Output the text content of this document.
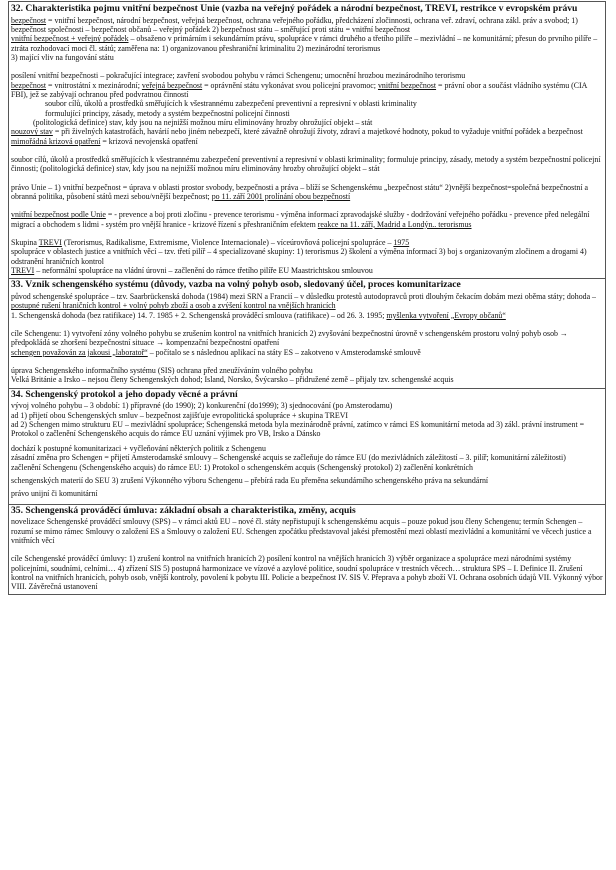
32. Charakteristika pojmu vnitřní bezpečnost Unie (vazba na veřejný pořádek a národní bezpečnost, TREVI, restrikce v evropském právu

bezpečnost = vnitřní bezpečnost, národní bezpečnost, veřejná bezpečnost, ochrana veřejného pořádku, předcházení zločinnosti, ochrana veř. zdraví, ochrana zákl. práv a svobod; 1) bezpečnost společnosti – bezpečnost občanů – veřejný pořádek 2) bezpečnost státu – směřující proti státu = vnitřní bezpečnost

vnitřní bezpečnost + veřejný pořádek – obsaženo v primárním i sekundárním právu, spolupráce v rámci druhého a třetího pilíře – mezivládní – ne komunitární; přesun do prvního pilíře – ztráta rozhodovací moci čl. států; zaměřena na: 1) organizovanou přeshraniční kriminalitu 2) mezinárodní terorismus

3) mající vliv na fungování státu

posílení vnitřní bezpečnosti – pokračující integrace; zavření svobodou pohybu v rámci Schengenu; umocnění hrozbou mezinárodního terorismu

bezpečnost = vnitrostátní x mezinárodní; veřejná bezpečnost = oprávnění státu vykonávat svou policejní pravomoc; vnitřní bezpečnost = právní obor a součást vládního systému (CIA FBI), jež se zabývají ochranou před podvratnou činností

soubor cílů, úkolů a prostředků směřujících k všestrannému zabezpečení preventivní a represivní v oblasti kriminality

formulující principy, zásady, metody a systém bezpečnostní policejní činnosti

(politologická definice) stav, kdy jsou na nejnižší možnou míru eliminovány hrozby ohrožující objekt – stát

nouzový stav = při živelných katastrofách, havárií nebo jiném nebezpečí, které závažně ohrožují životy, zdraví a majetkové hodnoty, pokud to vyžaduje vnitřní pořádek a bezpečnost

mimořádná krizová opatření = krizová nevojenská opatření

soubor cílů, úkolů a prostředků směřujících k všestrannému zabezpečení preventivní a represivní v oblasti kriminality; formuluje principy, zásady, metody a systém bezpečnostní policejní činnosti; (politologická definice) stav, kdy jsou na nejnižší možnou míru eliminovány hrozby ohrožující objekt – stát

právo Unie – 1) vnitřní bezpečnost = úprava v oblasti prostor svobody, bezpečnosti a práva – blíží se Schengenskému „bezpečnost státu“ 2)vnější bezpečnost=společná bezpečnostní a obranná politika, působení států mezi sebou/vnější bezpečnost; po 11. září 2001 prolínání obou bezpečností

vnitřní bezpečnost podle Unie = - prevence a boj proti zločinu - prevence terorismu - výměna informací zpravodajské služby - dodržování veřejného pořádku - prevence před nelegální migrací a obchodem s lidmi - systém pro vnější hranice - krizové řízení s přeshraničním efektem reakce na 11. září, Madrid a Londýn.. terorismus

Skupina TREVI (Terorismus, Radikalisme, Extremisme, Violence Internacionale) – víceúrovňová policejní spolupráce – 1975

spolupráce v oblastech justice a vnitřních věcí – tzv. třetí pilíř – 4 specializované skupiny: 1) terorismus 2) školení a výměna informací 3) boj s organizovaným zločinem a drogami 4) odstranění hraničních kontrol

TREVI – neformální spolupráce na vládní úrovni – začlenění do rámce třetího pilíře EU Maastrichtskou smlouvou

33. Vznik schengenského systému (důvody, vazba na volný pohyb osob, sledovaný účel, proces komunitarizace

původ schengenské spolupráce – tzv. Saarbrückenská dohoda (1984) mezi SRN a Francií – v důsledku protestů autodopravců proti dlouhým čekacím dobám mezi oběma státy; dohoda – postupné rušení hraničních kontrol + volný pohyb zboží a osob a zvýšení kontrol na vnějších hranicích

1. Schengenská dohoda (bez ratifikace) 14. 7. 1985 + 2. Schengenská prováděcí smlouva (ratifikace) – od 26. 3. 1995; myšlenka vytvoření „Evropy občanů“

cíle Schengenu: 1) vytvoření zóny volného pohybu se zrušením kontrol na vnitřních hranicích 2) zvyšování bezpečnostní úrovně v schengenském prostoru volný pohyb osob → předpokládá se zhoršení bezpečnostní situace → kompenzační bezpečnostní opatření

schengen považován za jakousi „laboratoř“ – počítalo se s následnou aplikací na státy ES – zakotveno v Amsterodamské smlouvě

úprava Schengenského informačního systému (SIS) ochrana před zneužíváním volného pohybu

Velká Británie a Irsko – nejsou členy Schengenských dohod; Island, Norsko, Švýcarsko – přidružené země – přijaly tzv. schengenské acquis

34. Schengenský protokol a jeho dopady věcné a právní

vývoj volného pohybu – 3 období: 1) přípravné (do 1990); 2) konkurenční (do1999); 3) sjednocování (po Amsterodamu)

ad 1) přijetí obou Schengenských smluv – bezpečnost zajišťuje evropolitická spolupráce + skupina TREVI

ad 2) Schengen mimo strukturu EU – mezivládní spolupráce; Schengenská metoda byla mezinárodně právní, zatímco v rámci ES komunitární metoda ad 3) zákl. právní instrument = Protokol o začlenění Schengenského acquis do rámce EU uznání výjimek pro VB, Irsko a Dánsko

dochází k postupné komunitarizaci + vyčleňování některých politik z Schengenu

zásadní změna pro Schengen = přijetí Amsterodamské smlouvy – Schengenské acquis se začleňuje do rámce EU (do mezivládních záležitostí – 3. pilíř; komunitární záležitosti)

začlenění Schengenu (Schengenského acquis) do rámce EU: 1) Protokol o schengenském acquis (Schengenský protokol) 2) začlenění konkrétních

schengenských materií do SEU 3) zrušení Výkonného výboru Schengenu – přebírá rada Eu přeměna sekundárního schengenského práva na sekundární

právo unijní či komunitární

35. Schengenská prováděcí úmluva: základní obsah a charakteristika, změny, acquis

novelizace Schengenské prováděcí smlouvy (SPS) – v rámci aktů EU – nové čl. státy nepřistupují k schengenskému acquis – pouze pokud jsou členy Schengenu; termín Schengen – rozumí se mimo rámec Smlouvy o založení ES a Smlouvy o založení EU. Schengen zpočátku představoval jakési přemostění mezi oblastí mezivládní a komunitární ve věcech justice a vnitřních věcí

cíle Schengenské prováděcí úmluvy: 1) zrušení kontrol na vnitřních hranicích 2) posílení kontrol na vnějších hranicích 3) výběr organizace a spolupráce mezi národními systémy policejními, soudními, celními… 4) zřízení SIS 5) postupná harmonizace ve vízové a azylové politice, soudní spolupráce v trestních věcech… struktura SPS – I. Definice II. Zrušení kontrol na vnitřních hranicích, pohyb osob, vnější kontroly, povolení k pobytu III. Policie a bezpečnost IV. SIS V. Přeprava a pohyb zboží VI. Ochrana osobních údajů VII. Výkonný výbor VIII. Závěrečná ustanovení
